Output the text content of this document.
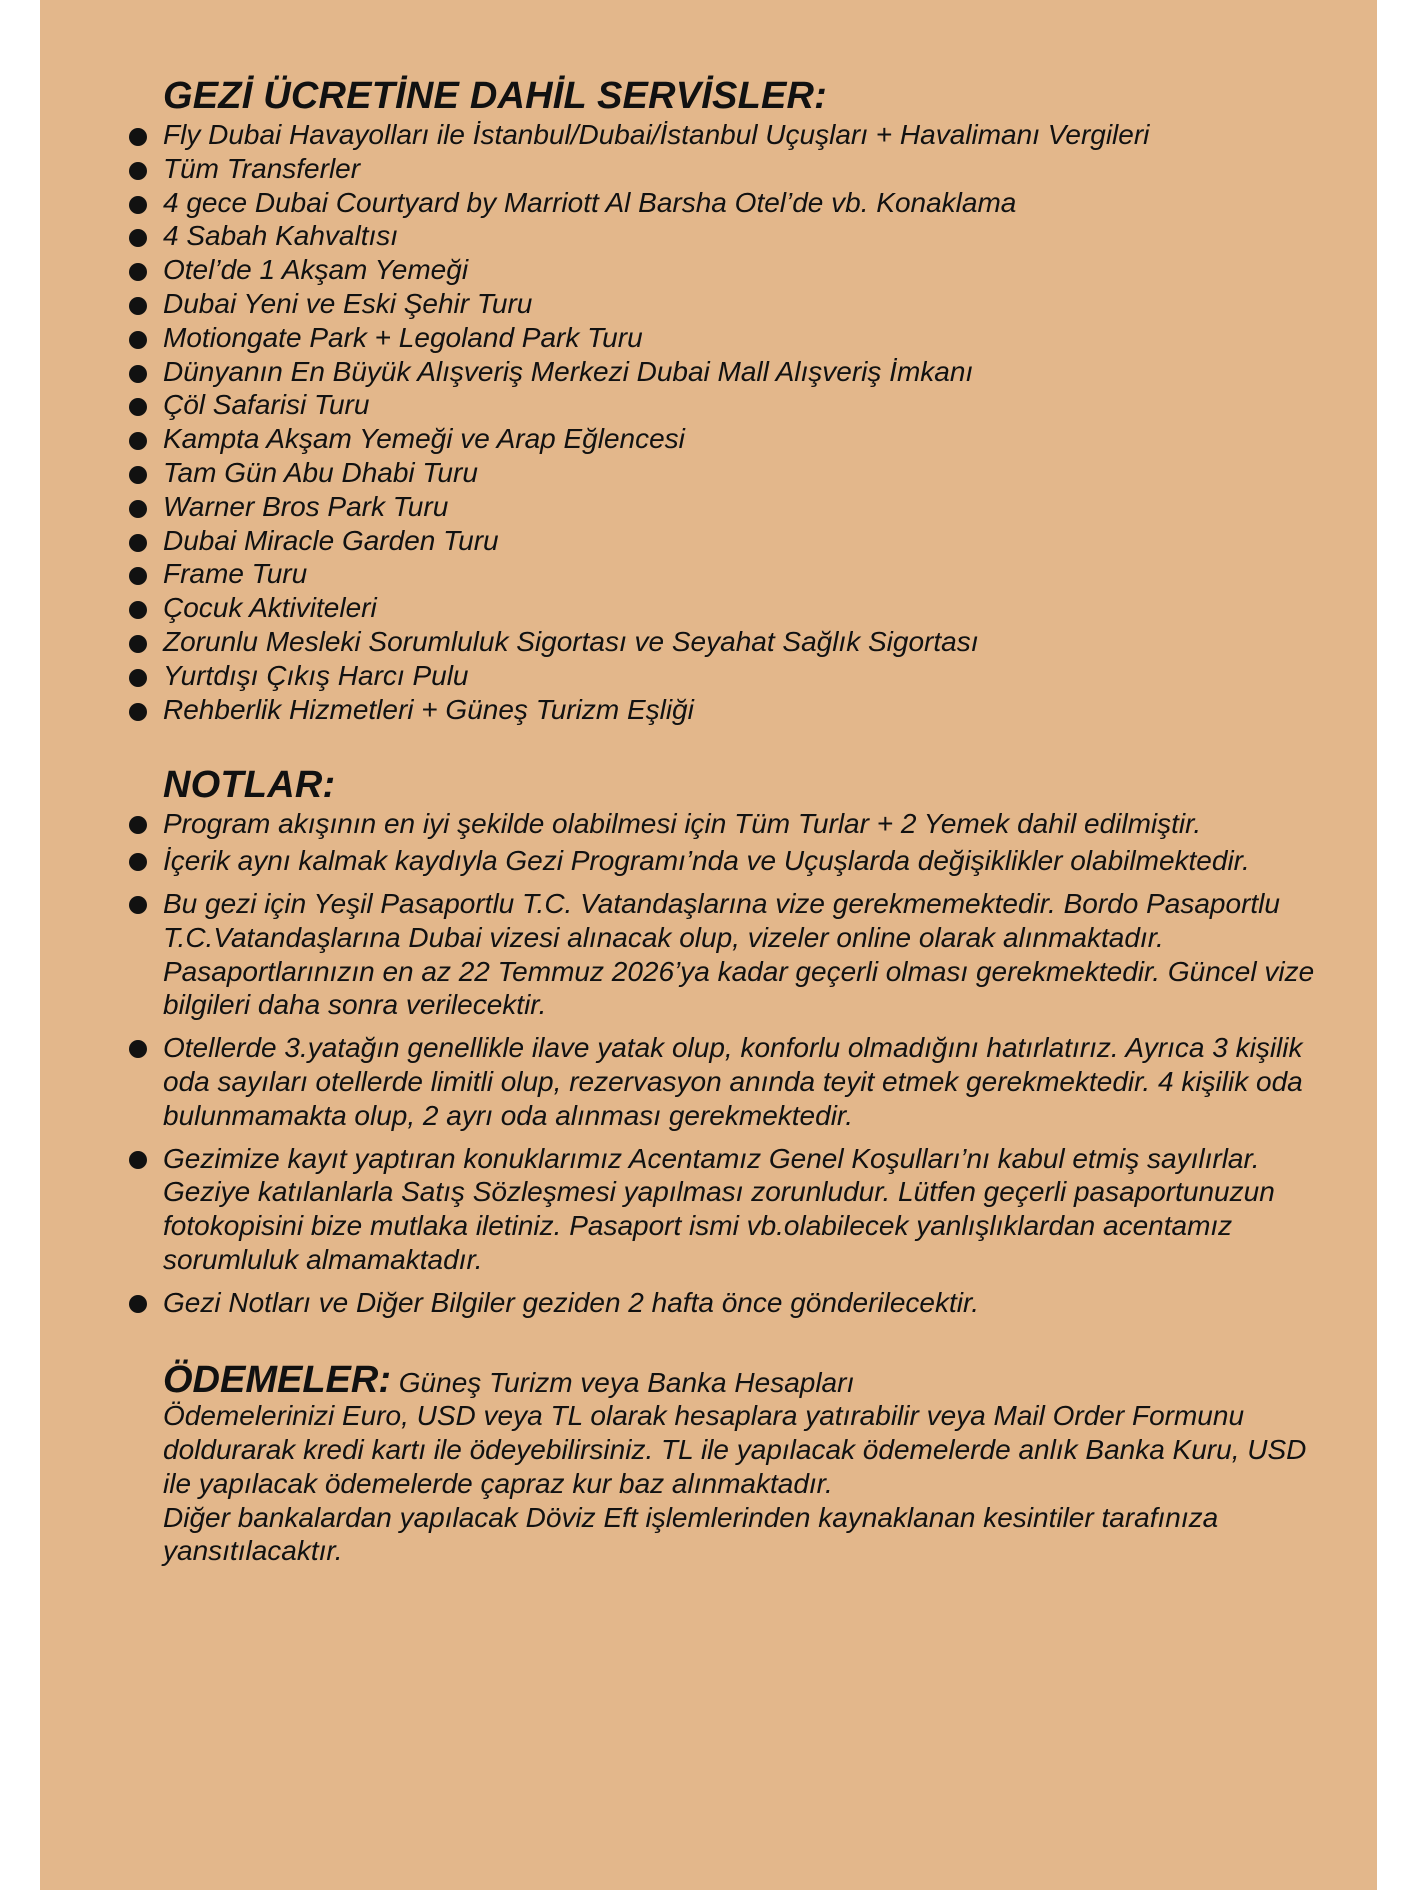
GEZİ ÜCRETİNE DAHİL SERVİSLER:
Fly Dubai Havayolları ile İstanbul/Dubai/İstanbul Uçuşları + Havalimanı Vergileri
Tüm Transferler
4 gece Dubai Courtyard by Marriott Al Barsha Otel’de vb. Konaklama
4 Sabah Kahvaltısı
Otel’de 1 Akşam Yemeği
Dubai Yeni ve Eski Şehir Turu
Motiongate Park + Legoland Park Turu
Dünyanın En Büyük Alışveriş Merkezi Dubai Mall Alışveriş İmkanı
Çöl Safarisi Turu
Kampta Akşam Yemeği ve Arap Eğlencesi
Tam Gün Abu Dhabi Turu
Warner Bros Park Turu
Dubai Miracle Garden Turu
Frame Turu
Çocuk Aktiviteleri
Zorunlu Mesleki Sorumluluk Sigortası ve Seyahat Sağlık Sigortası
Yurtdışı Çıkış Harcı Pulu
Rehberlik Hizmetleri + Güneş Turizm Eşliği
NOTLAR:
Program akışının en iyi şekilde olabilmesi için Tüm Turlar + 2 Yemek dahil edilmiştir.
İçerik aynı kalmak kaydıyla Gezi Programı’nda ve Uçuşlarda değişiklikler olabilmektedir.
Bu gezi için Yeşil Pasaportlu T.C. Vatandaşlarına vize gerekmemektedir. Bordo Pasaportlu T.C.Vatandaşlarına Dubai vizesi alınacak olup, vizeler online olarak alınmaktadır. Pasaportlarınızın en az 22 Temmuz 2026’ya kadar geçerli olması gerekmektedir. Güncel vize bilgileri daha sonra verilecektir.
Otellerde 3.yatağın genellikle ilave yatak olup, konforlu olmadığını hatırlatırız. Ayrıca 3 kişilik oda sayıları otellerde limitli olup, rezervasyon anında teyit etmek gerekmektedir. 4 kişilik oda bulunmamakta olup, 2 ayrı oda alınması gerekmektedir.
Gezimize kayıt yaptıran konuklarımız Acentamız Genel Koşulları’nı kabul etmiş sayılırlar. Geziye katılanlarla Satış Sözleşmesi yapılması zorunludur. Lütfen geçerli pasaportunuzun fotokopisini bize mutlaka iletiniz. Pasaport ismi vb.olabilecek yanlışlıklardan acentamız sorumluluk almamaktadır.
Gezi Notları ve Diğer Bilgiler geziden 2 hafta önce gönderilecektir.

ÖDEMELER: Güneş Turizm veya Banka Hesapları

Ödemelerinizi Euro, USD veya TL olarak hesaplara yatırabilir veya Mail Order Formunu doldurarak kredi kartı ile ödeyebilirsiniz. TL ile yapılacak ödemelerde anlık Banka Kuru, USD ile yapılacak ödemelerde çapraz kur baz alınmaktadır.

Diğer bankalardan yapılacak Döviz Eft işlemlerinden kaynaklanan kesintiler tarafınıza yansıtılacaktır.
